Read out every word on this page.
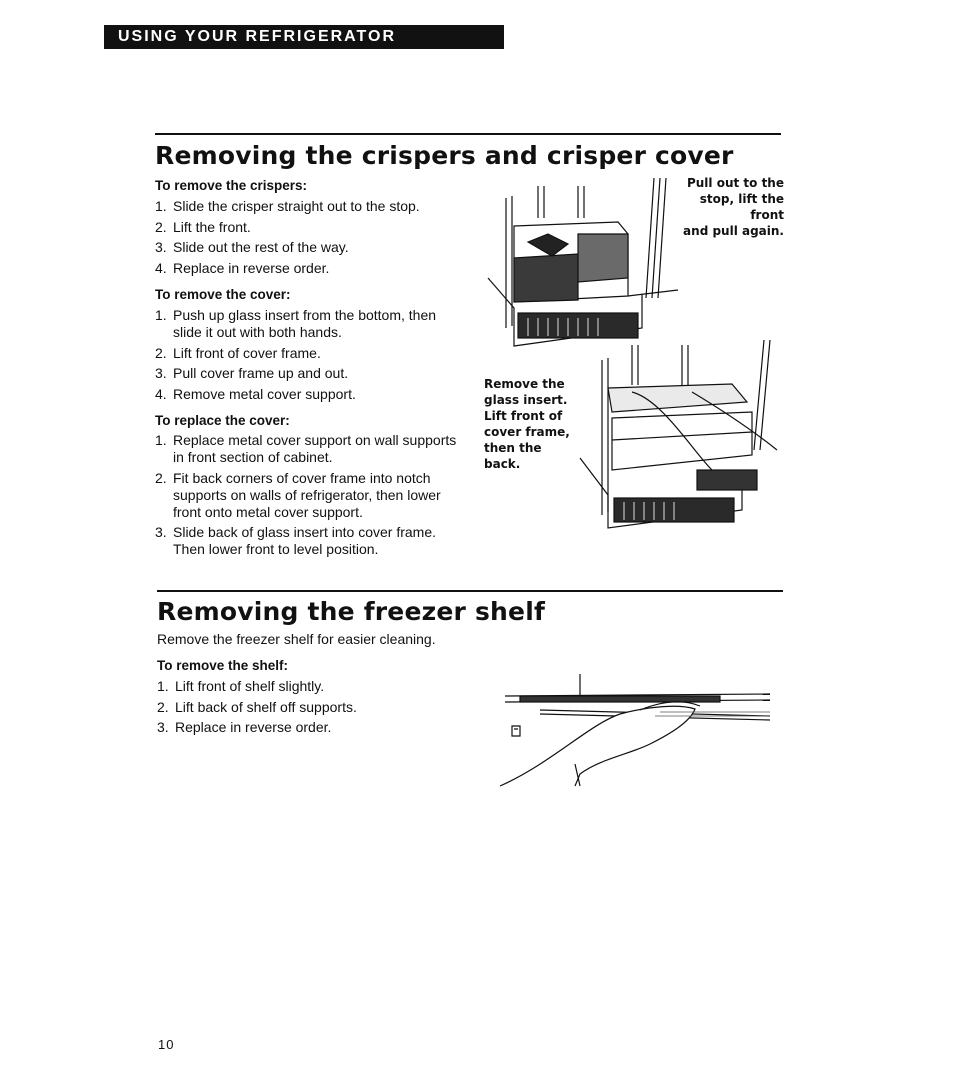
USING YOUR REFRIGERATOR
Removing the crispers and crisper cover

To remove the crispers:

1. Slide the crisper straight out to the stop.
2. Lift the front.
3. Slide out the rest of the way.
4. Replace in reverse order.

To remove the cover:

1. Push up glass insert from the bottom, then slide it out with both hands.
2. Lift front of cover frame.
3. Pull cover frame up and out.
4. Remove metal cover support.

To replace the cover:

1. Replace metal cover support on wall supports in front section of cabinet.
2. Fit back corners of cover frame into notch supports on walls of refrigerator, then lower front onto metal cover support.
3. Slide back of glass insert into cover frame. Then lower front to level position.

Pull out to the
stop, lift the front
and pull again.

Remove the
glass insert.
Lift front of
cover frame,
then the
back.

Removing the freezer shelf

Remove the freezer shelf for easier cleaning.

To remove the shelf:

1. Lift front of shelf slightly.
2. Lift back of shelf off supports.
3. Replace in reverse order.
10
